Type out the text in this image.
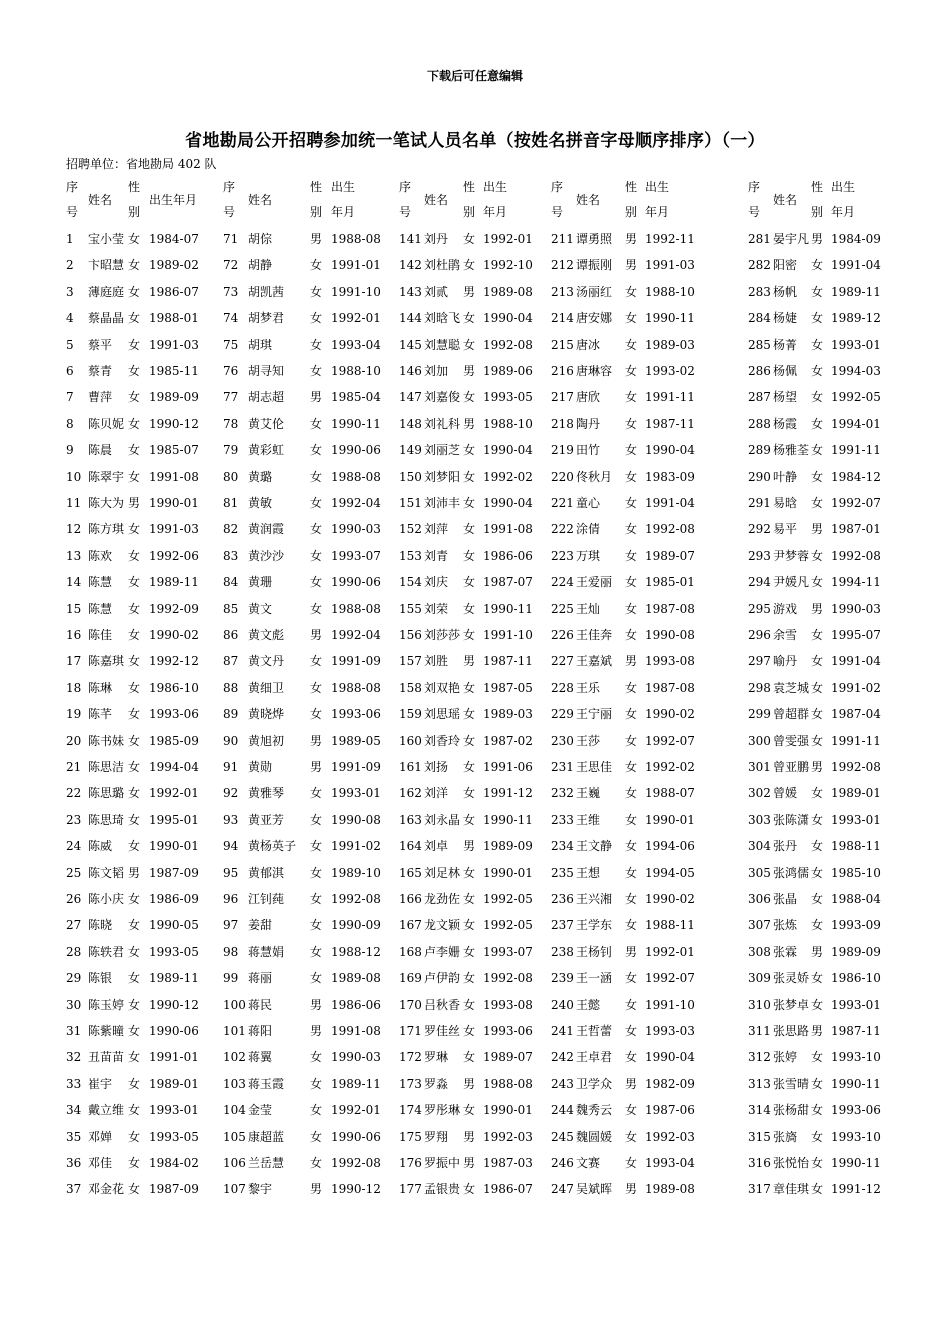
下载后可任意编辑
省地勘局公开招聘参加统一笔试人员名单（按姓名拼音字母顺序排序）（一）
招聘单位：省地勘局 402 队
序
号
姓名
性
别
出生年月
1 宝小莹 女 1984-07
2 卞昭慧 女 1989-02
3 薄庭庭 女 1986-07
4 蔡晶晶 女 1988-01
5 蔡平 女 1991-03
6 蔡青 女 1985-11
7 曹萍 女 1989-09
8 陈贝妮 女 1990-12
9 陈晨 女 1985-07
10 陈翠宇 女 1991-08
11 陈大为 男 1990-01
12 陈方琪 女 1991-03
13 陈欢 女 1992-06
14 陈慧 女 1989-11
15 陈慧 女 1992-09
16 陈佳 女 1990-02
17 陈嘉琪 女 1992-12
18 陈琳 女 1986-10
19 陈芊 女 1993-06
20 陈书妹 女 1985-09
21 陈思洁 女 1994-04
22 陈思璐 女 1992-01
23 陈思琦 女 1995-01
24 陈威 女 1990-01
25 陈文韬 男 1987-09
26 陈小庆 女 1986-09
27 陈晓 女 1990-05
28 陈轶君 女 1993-05
29 陈银 女 1989-11
30 陈玉婷 女 1990-12
31 陈紫曈 女 1990-06
32 丑苗苗 女 1991-01
33 崔宇 女 1989-01
34 戴立维 女 1993-01
35 邓婵 女 1993-05
36 邓佳 女 1984-02
37 邓金花 女 1987-09
序
号
姓名
性
别
出生
年月
71 胡倧	男 1988-08
72 胡静	女 1991-01
73 胡凯茜 女 1991-10
74 胡梦君 女 1992-01
75 胡琪	女 1993-04
76 胡寻知 女 1988-10
77 胡志超 男 1985-04
78 黄艾伦 女 1990-11
79 黄彩虹 女 1990-06
80 黄璐	女 1988-08
81 黄敏	女 1992-04
82 黄润霞 女 1990-03
83 黄沙沙 女 1993-07
84 黄珊	女 1990-06
85 黄文	女 1988-08
86 黄文彪 男 1992-04
87 黄文丹 女 1991-09
88 黄细卫 女 1988-08
89 黄晓烨 女 1993-06
90 黄旭初 男 1989-05
91 黄勋	男 1991-09
92 黄雅琴 女 1993-01
93 黄亚芳 女 1990-08
94 黄杨英子 女 1991-02
95 黄郁淇 女 1989-10
96 江钊莼 女 1992-08
97 姜甜	女 1990-09
98 蒋慧娟 女 1988-12
99 蒋丽	女 1989-08
100 蒋民	男 1986-06
101 蒋阳	男 1991-08
102 蒋翼	女 1990-03
103 蒋玉霞 女 1989-11
104 金莹	女 1992-01
105 康超蓝 女 1990-06
106 兰岳慧 女 1992-08
107 黎宇	男 1990-12
序
号
姓名
性
别
出生
年月
141 刘丹 女 1992-01
142 刘杜鹃 女 1992-10
143 刘贰 男 1989-08
144 刘晗飞 女 1990-04
145 刘慧聪 女 1992-08
146 刘加 男 1989-06
147 刘嘉俊 女 1993-05
148 刘礼科 男 1988-10
149 刘丽芝 女 1990-04
150 刘梦阳 女 1992-02
151 刘沛丰 女 1990-04
152 刘萍 女 1991-08
153 刘青 女 1986-06
154 刘庆 女 1987-07
155 刘荣 女 1990-11
156 刘莎莎 女 1991-10
157 刘胜 男 1987-11
158 刘双艳 女 1987-05
159 刘思瑶 女 1989-03
160 刘香玲 女 1987-02
161 刘扬 女 1991-06
162 刘洋 女 1991-12
163 刘永晶 女 1990-11
164 刘卓 男 1989-09
165 刘足林 女 1990-01
166 龙劲佐 女 1992-05
167 龙文颖 女 1992-05
168 卢李姗 女 1993-07
169 卢伊韵 女 1992-08
170 吕秋香 女 1993-08
171 罗佳丝 女 1993-06
172 罗琳 女 1989-07
173 罗淼 男 1988-08
174 罗彤琳 女 1990-01
175 罗翔 男 1992-03
176 罗振中 男 1987-03
177 孟银贵 女 1986-07
序
号
姓名
性
别
出生
年月
211 谭勇照 男 1992-11
212 谭振刚 男 1991-03
213 汤丽红 女 1988-10
214 唐安娜 女 1990-11
215 唐冰 女 1989-03
216 唐琳容 女 1993-02
217 唐欣 女 1991-11
218 陶丹 女 1987-11
219 田竹 女 1990-04
220 佟秋月 女 1983-09
221 童心 女 1991-04
222 涂倩 女 1992-08
223 万琪 女 1989-07
224 王爱丽 女 1985-01
225 王灿 女 1987-08
226 王佳奔 女 1990-08
227 王嘉斌 男 1993-08
228 王乐 女 1987-08
229 王宁丽 女 1990-02
230 王莎 女 1992-07
231 王思佳 女 1992-02
232 王巍 女 1988-07
233 王维 女 1990-01
234 王文静 女 1994-06
235 王想 女 1994-05
236 王兴湘 女 1990-02
237 王学东 女 1988-11
238 王杨钊 男 1992-01
239 王一涵 女 1992-07
240 王懿 女 1991-10
241 王哲蕾 女 1993-03
242 王卓君 女 1990-04
243 卫学众 男 1982-09
244 魏秀云 女 1987-06
245 魏圆媛 女 1992-03
246 文赛 女 1993-04
247 吴斌晖 男 1989-08
序
号
姓名
性
别
出生
年月
281 晏宇凡 男 1984-09
282 阳密 女 1991-04
283 杨帆 女 1989-11
284 杨婕 女 1989-12
285 杨菁 女 1993-01
286 杨佩 女 1994-03
287 杨望 女 1992-05
288 杨霞 女 1994-01
289 杨雅荃 女 1991-11
290 叶静 女 1984-12
291 易晗 女 1992-07
292 易平 男 1987-01
293 尹梦蓉 女 1992-08
294 尹媛凡 女 1994-11
295 游戏 男 1990-03
296 余雪 女 1995-07
297 喻丹 女 1991-04
298 袁芝城 女 1991-02
299 曾超群 女 1987-04
300 曾雯强 女 1991-11
301 曾亚鹏 男 1992-08
302 曾媛 女 1989-01
303 张陈潇 女 1993-01
304 张丹 女 1988-11
305 张鸿儒 女 1985-10
306 张晶 女 1988-04
307 张炼 女 1993-09
308 张霖 男 1989-09
309 张灵娇 女 1986-10
310 张梦卓 女 1993-01
311 张思路 男 1987-11
312 张婷 女 1993-10
313 张雪晴 女 1990-11
314 张杨甜 女 1993-06
315 张旖 女 1993-10
316 张悦怡 女 1990-11
317 章佳琪 女 1991-12
